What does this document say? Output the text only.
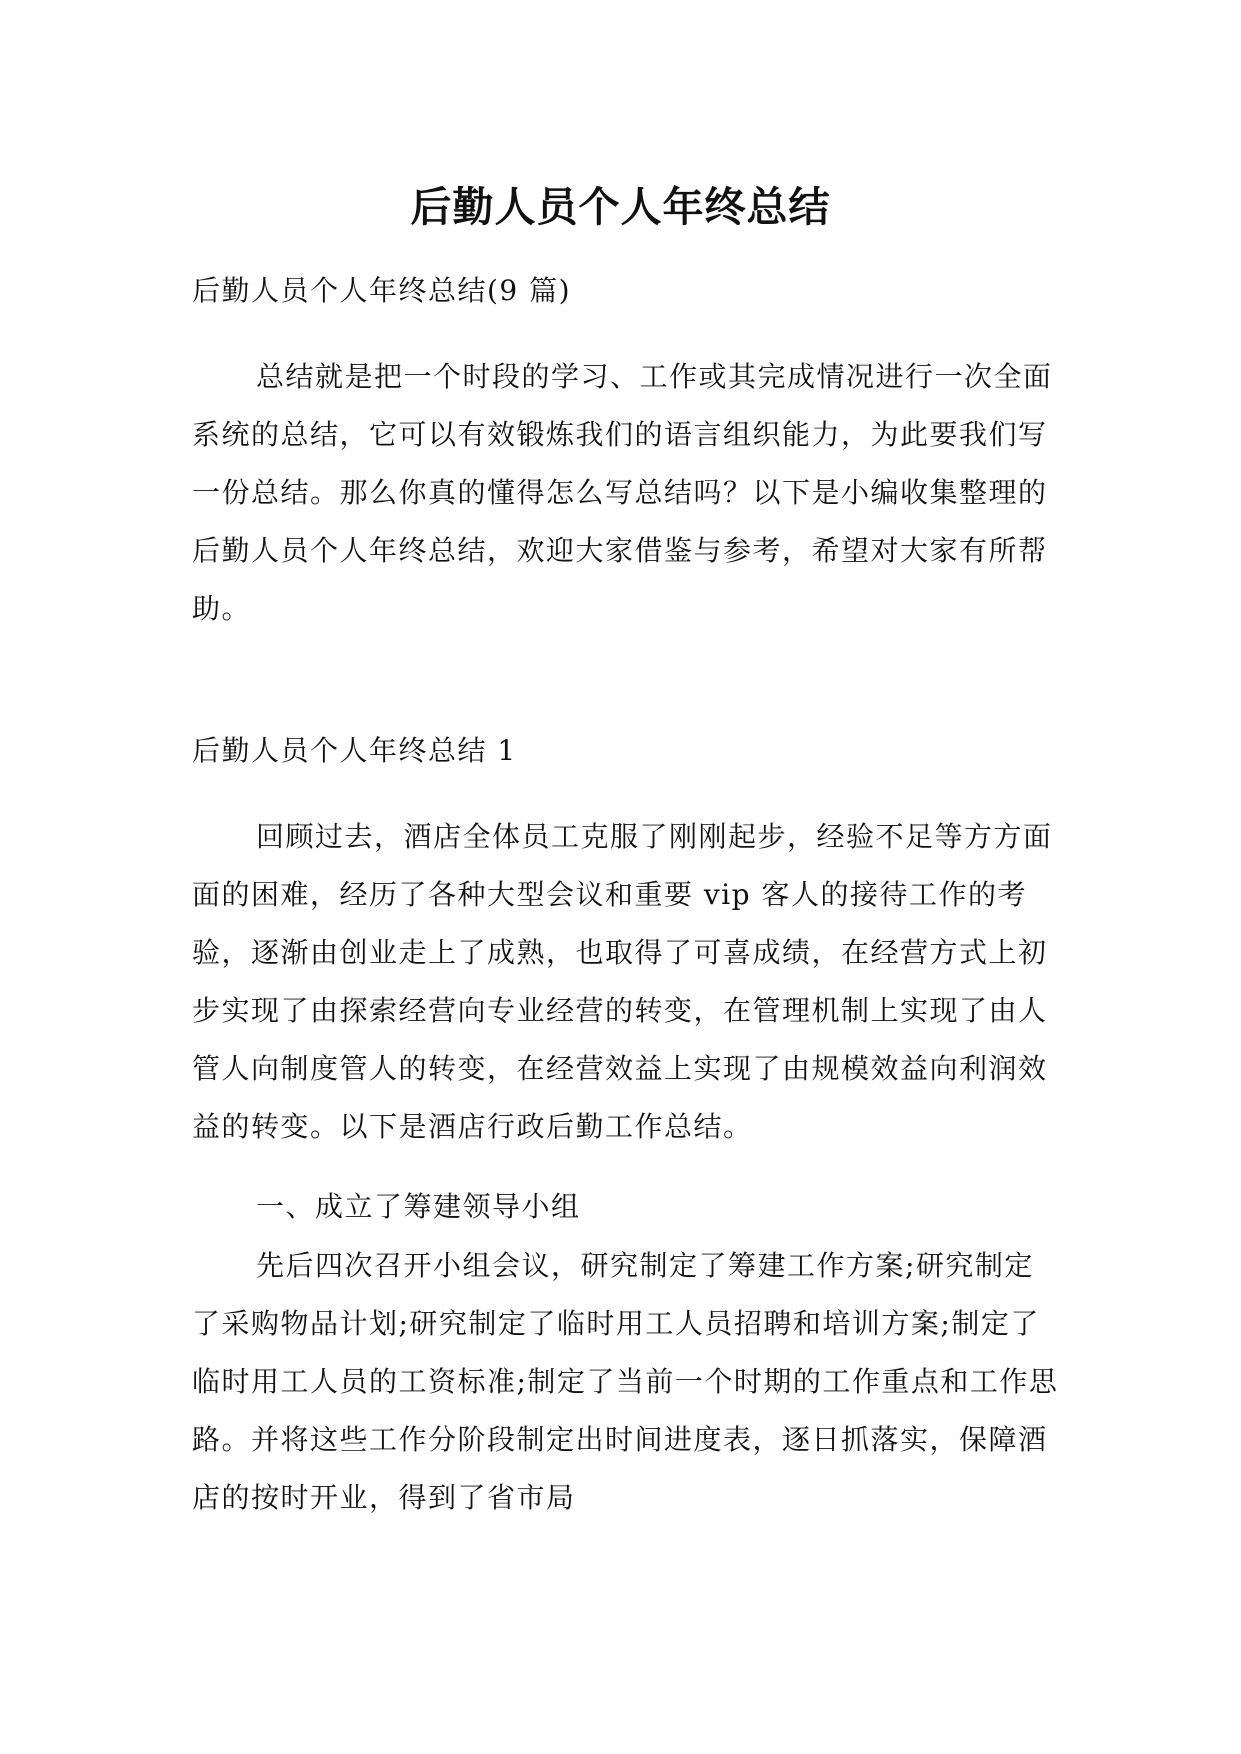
后勤人员个人年终总结

后勤人员个人年终总结(9 篇)

总结就是把一个时段的学习、工作或其完成情况进行一次全面系统的总结，它可以有效锻炼我们的语言组织能力，为此要我们写一份总结。那么你真的懂得怎么写总结吗？以下是小编收集整理的后勤人员个人年终总结，欢迎大家借鉴与参考，希望对大家有所帮助。

后勤人员个人年终总结 1

回顾过去，酒店全体员工克服了刚刚起步，经验不足等方方面面的困难，经历了各种大型会议和重要 vip 客人的接待工作的考验，逐渐由创业走上了成熟，也取得了可喜成绩，在经营方式上初步实现了由探索经营向专业经营的转变，在管理机制上实现了由人管人向制度管人的转变，在经营效益上实现了由规模效益向利润效益的转变。以下是酒店行政后勤工作总结。

一、成立了筹建领导小组

先后四次召开小组会议，研究制定了筹建工作方案;研究制定了采购物品计划;研究制定了临时用工人员招聘和培训方案;制定了临时用工人员的工资标准;制定了当前一个时期的工作重点和工作思路。并将这些工作分阶段制定出时间进度表，逐日抓落实，保障酒店的按时开业，得到了省市局
